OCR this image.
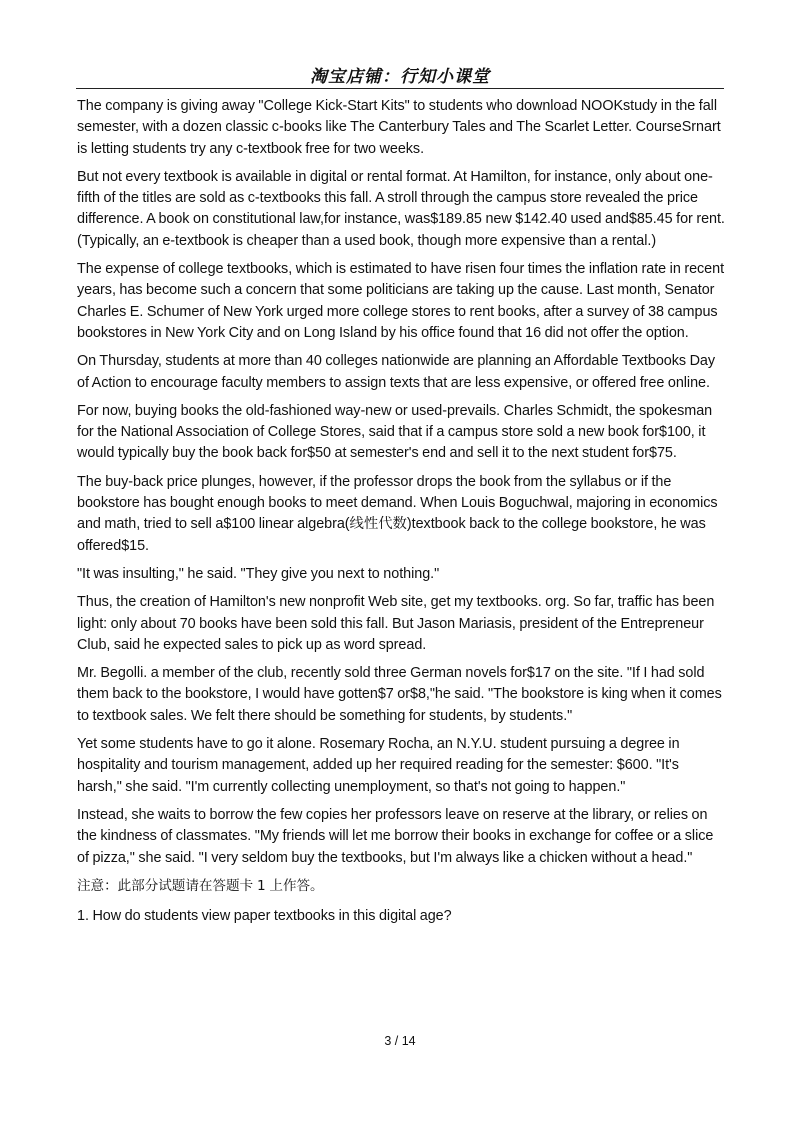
淘宝店铺：行知小课堂

The company is giving away "College Kick-Start Kits" to students who download NOOKstudy in the fall semester, with a dozen classic c-books like The Canterbury Tales and The Scarlet Letter. CourseSrnart is letting students try any c-textbook free for two weeks.

But not every textbook is available in digital or rental format. At Hamilton, for instance, only about one-fifth of the titles are sold as c-textbooks this fall. A stroll through the campus store revealed the price difference. A book on constitutional law,for instance, was$189.85 new $142.40 used and$85.45 for rent. (Typically, an e-textbook is cheaper than a used book, though more expensive than a rental.)

The expense of college textbooks, which is estimated to have risen four times the inflation rate in recent years, has become such a concern that some politicians are taking up the cause. Last month, Senator Charles E. Schumer of New York urged more college stores to rent books, after a survey of 38 campus bookstores in New York City and on Long Island by his office found that 16 did not offer the option.

On Thursday, students at more than 40 colleges nationwide are planning an Affordable Textbooks Day of Action to encourage faculty members to assign texts that are less expensive, or offered free online.

For now, buying books the old-fashioned way-new or used-prevails. Charles Schmidt, the spokesman for the National Association of College Stores, said that if a campus store sold a new book for$100, it would typically buy the book back for$50 at semester's end and sell it to the next student for$75.

The buy-back price plunges, however, if the professor drops the book from the syllabus or if the bookstore has bought enough books to meet demand. When Louis Boguchwal, majoring in economics and math, tried to sell a$100 linear algebra(线性代数)textbook back to the college bookstore, he was offered$15.

"It was insulting," he said. "They give you next to nothing."

Thus, the creation of Hamilton's new nonprofit Web site, get my textbooks. org. So far, traffic has been light: only about 70 books have been sold this fall. But Jason Mariasis, president of the Entrepreneur Club, said he expected sales to pick up as word spread.

Mr. Begolli. a member of the club, recently sold three German novels for$17 on the site. "If I had sold them back to the bookstore, I would have gotten$7 or$8,"he said. "The bookstore is king when it comes to textbook sales. We felt there should be something for students, by students."

Yet some students have to go it alone. Rosemary Rocha, an N.Y.U. student pursuing a degree in hospitality and tourism management, added up her required reading for the semester: $600. "It's harsh," she said. "I'm currently collecting unemployment, so that's not going to happen."

Instead, she waits to borrow the few copies her professors leave on reserve at the library, or relies on the kindness of classmates. "My friends will let me borrow their books in exchange for coffee or a slice of pizza," she said. "I very seldom buy the textbooks, but I'm always like a chicken without a head."

注意：此部分试题请在答题卡 1 上作答。

1. How do students view paper textbooks in this digital age?

3 / 14
